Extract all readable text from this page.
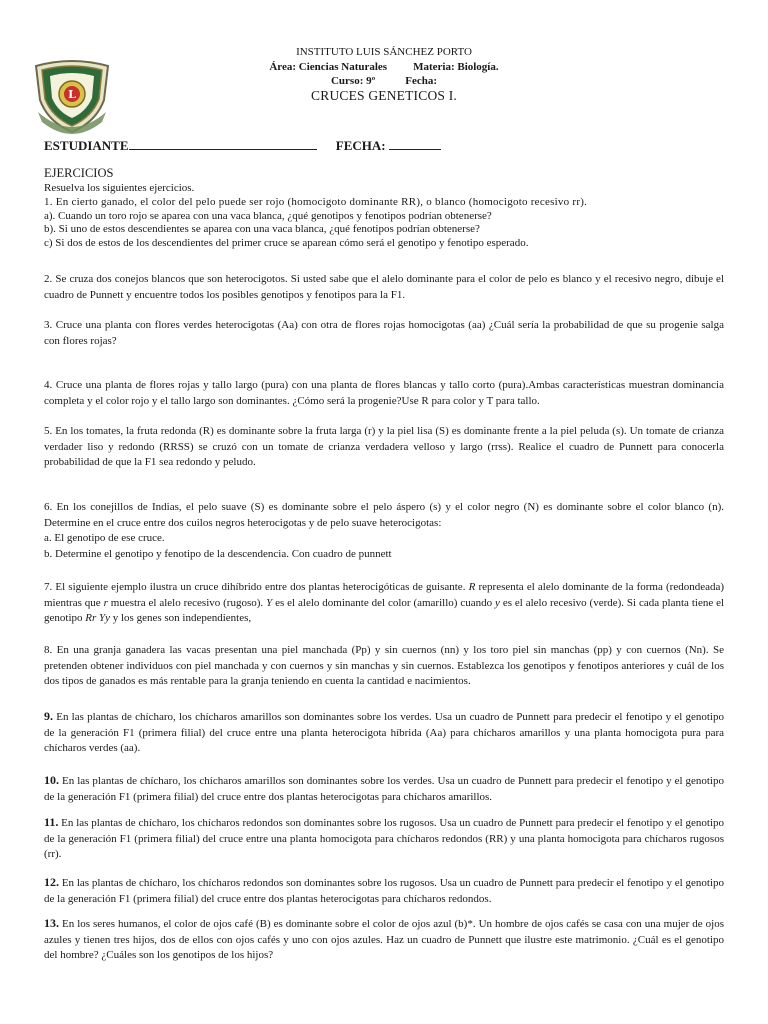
L
INSTITUTO LUIS SÁNCHEZ PORTO
Área: Ciencias Naturales Materia: Biología.
Curso: 9º	Fecha:
CRUCES GENETICOS I.
ESTUDIANTE	FECHA:

EJERCICIOS

Resuelva los siguientes ejercicios.

1. En cierto ganado, el color del pelo puede ser rojo (homocigoto dominante RR), o blanco (homocigoto recesivo rr).

a). Cuando un toro rojo se aparea con una vaca blanca, ¿qué genotipos y fenotipos podrían obtenerse?

b). Si uno de estos descendientes se aparea con una vaca blanca, ¿qué fenotipos podrían obtenerse?

c) Si dos de estos de los descendientes del primer cruce se aparean cómo será el genotipo y fenotipo esperado.

2. Se cruza dos conejos blancos que son heterocigotos. Si usted sabe que el alelo dominante para el color de pelo es blanco y el recesivo negro, dibuje el cuadro de Punnett y encuentre todos los posibles genotipos y fenotipos para la F1.
3. Cruce una planta con flores verdes heterocigotas (Aa) con otra de flores rojas homocigotas (aa) ¿Cuál sería la probabilidad de que su progenie salga con flores rojas?
4. Cruce una planta de flores rojas y tallo largo (pura) con una planta de flores blancas y tallo corto (pura).Ambas características muestran dominancia completa y el color rojo y el tallo largo son dominantes. ¿Cómo será la progenie?Use R para color y T para tallo.
5. En los tomates, la fruta redonda (R) es dominante sobre la fruta larga (r) y la piel lisa (S) es dominante frente a la piel peluda (s). Un tomate de crianza verdader liso y redondo (RRSS) se cruzó con un tomate de crianza verdadera velloso y largo (rrss). Realice el cuadro de Punnett para conocerla probabilidad de que la F1 sea redondo y peludo.

6. En los conejillos de Indias, el pelo suave (S) es dominante sobre el pelo áspero (s) y el color negro (N) es dominante sobre el color blanco (n). Determine en el cruce entre dos cuilos negros heterocigotas y de pelo suave heterocigotas:

a. El genotipo de ese cruce.

b. Determine el genotipo y fenotipo de la descendencia. Con cuadro de punnett

7. El siguiente ejemplo ilustra un cruce dihíbrido entre dos plantas heterocigóticas de guisante. R representa el alelo dominante de la forma (redondeada) mientras que r muestra el alelo recesivo (rugoso). Y es el alelo dominante del color (amarillo) cuando y es el alelo recesivo (verde). Si cada planta tiene el genotipo Rr Yy y los genes son independientes,
8. En una granja ganadera las vacas presentan una piel manchada (Pp) y sin cuernos (nn) y los toro piel sin manchas (pp) y con cuernos (Nn). Se pretenden obtener individuos con piel manchada y con cuernos y sin manchas y sin cuernos. Establezca los genotipos y fenotipos anteriores y cuál de los dos tipos de ganados es más rentable para la granja teniendo en cuenta la cantidad e nacimientos.
9. En las plantas de chícharo, los chícharos amarillos son dominantes sobre los verdes. Usa un cuadro de Punnett para predecir el fenotipo y el genotipo de la generación F1 (primera filial) del cruce entre una planta heterocigota híbrida (Aa) para chícharos amarillos y una planta homocigota pura para chícharos verdes (aa).
10. En las plantas de chícharo, los chícharos amarillos son dominantes sobre los verdes. Usa un cuadro de Punnett para predecir el fenotipo y el genotipo de la generación F1 (primera filial) del cruce entre dos plantas heterocigotas para chícharos amarillos.
11. En las plantas de chícharo, los chícharos redondos son dominantes sobre los rugosos. Usa un cuadro de Punnett para predecir el fenotipo y el genotipo de la generación F1 (primera filial) del cruce entre una planta homocigota para chícharos redondos (RR) y una planta homocigota para chícharos rugosos (rr).
12. En las plantas de chícharo, los chícharos redondos son dominantes sobre los rugosos. Usa un cuadro de Punnett para predecir el fenotipo y el genotipo de la generación F1 (primera filial) del cruce entre dos plantas heterocigotas para chícharos redondos.
13. En los seres humanos, el color de ojos café (B) es dominante sobre el color de ojos azul (b)*. Un hombre de ojos cafés se casa con una mujer de ojos azules y tienen tres hijos, dos de ellos con ojos cafés y uno con ojos azules. Haz un cuadro de Punnett que ilustre este matrimonio. ¿Cuál es el genotipo del hombre? ¿Cuáles son los genotipos de los hijos?
